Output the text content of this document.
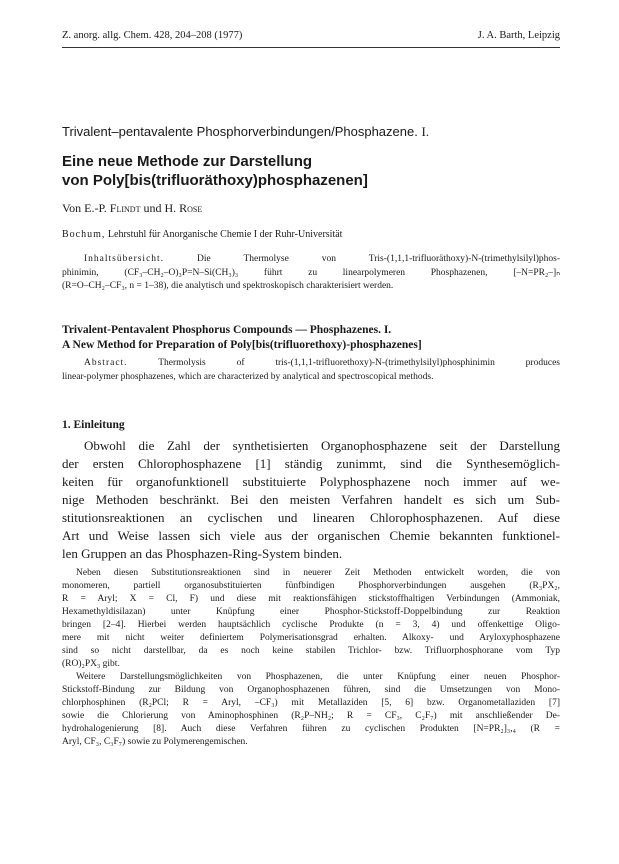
Z. anorg. allg. Chem. 428, 204–208 (1977)	J. A. Barth, Leipzig
Trivalent–pentavalente Phosphorverbindungen/Phosphazene. I.
Eine neue Methode zur Darstellung
von Poly[bis(trifluoräthoxy)phosphazenen]
Von E.-P. Flindt und H. Rose
Bochum, Lehrstuhl für Anorganische Chemie I der Ruhr-Universität
Inhaltsübersicht.	Die Thermolyse von Tris-(1,1,1-trifluoräthoxy)-N-(trimethylsilyl)phos-
phinimin, (CF₃–CH₂–O)₃P=N–Si(CH₃)₃ führt zu linearpolymeren Phosphazenen, [–N=PR₂–]ₙ
(R=O–CH₂–CF₃, n = 1–38), die analytisch und spektroskopisch charakterisiert werden.
Trivalent-Pentavalent Phosphorus Compounds — Phosphazenes. I.
A New Method for Preparation of Poly[bis(trifluorethoxy)-phosphazenes]
Abstract.	Thermolysis of tris-(1,1,1-trifluorethoxy)-N-(trimethylsilyl)phosphinimin produces
linear-polymer phosphazenes, which are characterized by analytical and spectroscopical methods.
1. Einleitung
Obwohl die Zahl der synthetisierten Organophosphazene seit der Darstellung
der ersten Chlorophosphazene [1] ständig zunimmt, sind die Synthesemöglich-
keiten für organofunktionell substituierte Polyphosphazene noch immer auf we-
nige Methoden beschränkt. Bei den meisten Verfahren handelt es sich um Sub-
stitutionsreaktionen an cyclischen und linearen Chlorophosphazenen. Auf diese
Art und Weise lassen sich viele aus der organischen Chemie bekannten funktionel-
len Gruppen an das Phosphazen-Ring-System binden.
Neben diesen Substitutionsreaktionen sind in neuerer Zeit Methoden entwickelt worden, die von
monomeren, partiell organosubstituierten fünfbindigen Phosphorverbindungen ausgehen (R₃PX₂,
R = Aryl; X = Cl, F) und diese mit reaktionsfähigen stickstoffhaltigen Verbindungen (Ammoniak,
Hexamethyldisilazan) unter Knüpfung einer Phosphor-Stickstoff-Doppelbindung zur Reaktion
bringen [2–4]. Hierbei werden hauptsächlich cyclische Produkte (n = 3, 4) und offenkettige Oligo-
mere mit nicht weiter definiertem Polymerisationsgrad erhalten. Alkoxy- und Aryloxyphosphazene
sind so nicht darstellbar, da es noch keine stabilen Trichlor- bzw. Trifluorphosphorane vom Typ
(RO)₂PX₃ gibt.
Weitere Darstellungsmöglichkeiten von Phosphazenen, die unter Knüpfung einer neuen Phosphor-
Stickstoff-Bindung zur Bildung von Organophosphazenen führen, sind die Umsetzungen von Mono-
chlorphosphinen (R₂PCl; R = Aryl, –CF₃) mit Metallaziden [5, 6] bzw. Organometallaziden [7]
sowie die Chlorierung von Aminophosphinen (R₂P–NH₂; R = CF₃, C₂F₇) mit anschließender De-
hydrohalogenierung [8]. Auch diese Verfahren führen zu cyclischen Produkten [N=PR₂]₃,₄ (R =
Aryl, CF₃, C₃F₇) sowie zu Polymerengemischen.
